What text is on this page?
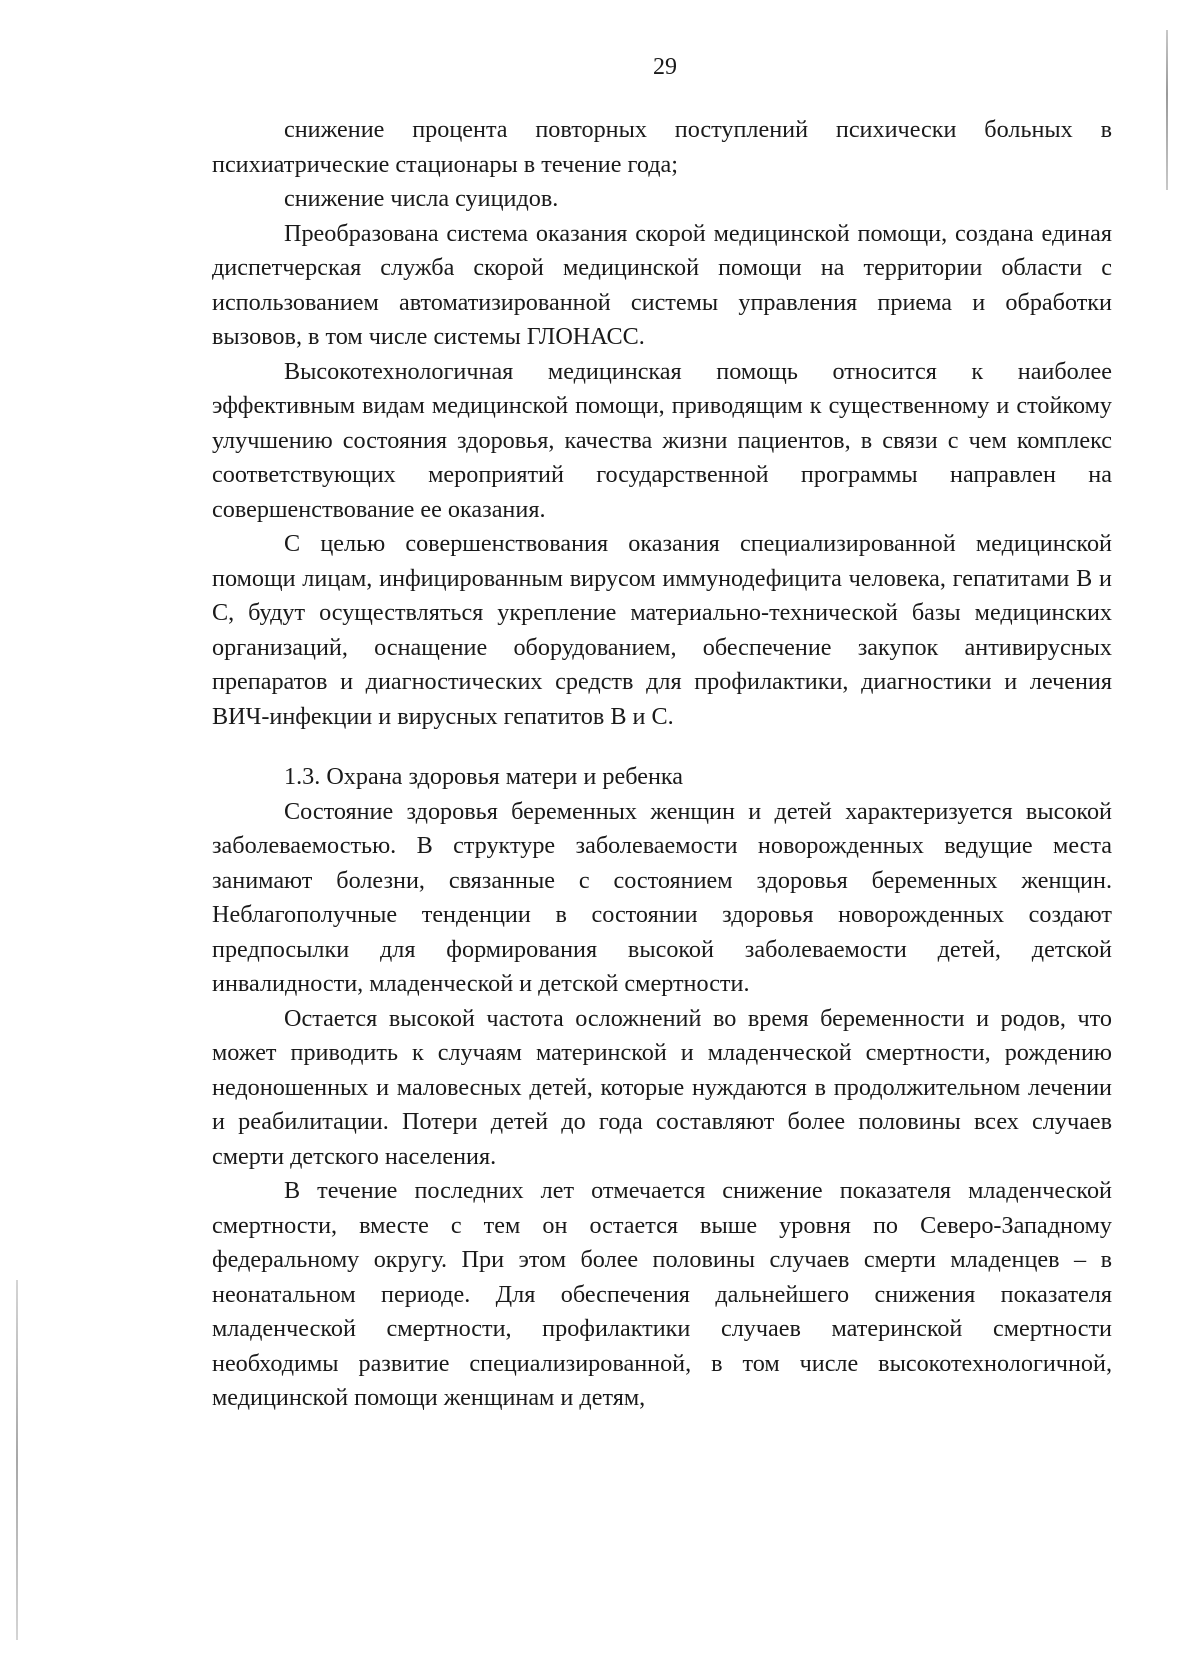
29

снижение процента повторных поступлений психически больных в психиатрические стационары в течение года;

снижение числа суицидов.

Преобразована система оказания скорой медицинской помощи, создана единая диспетчерская служба скорой медицинской помощи на территории области с использованием автоматизированной системы управления приема и обработки вызовов, в том числе системы ГЛОНАСС.

Высокотехнологичная медицинская помощь относится к наиболее эффективным видам медицинской помощи, приводящим к существенному и стойкому улучшению состояния здоровья, качества жизни пациентов, в связи с чем комплекс соответствующих мероприятий государственной программы направлен на совершенствование ее оказания.

С целью совершенствования оказания специализированной медицинской помощи лицам, инфицированным вирусом иммунодефицита человека, гепатитами В и С, будут осуществляться укрепление материально-технической базы медицинских организаций, оснащение оборудованием, обеспечение закупок антивирусных препаратов и диагностических средств для профилактики, диагностики и лечения ВИЧ-инфекции и вирусных гепатитов В и С.

1.3. Охрана здоровья матери и ребенка

Состояние здоровья беременных женщин и детей характеризуется высокой заболеваемостью. В структуре заболеваемости новорожденных ведущие места занимают болезни, связанные с состоянием здоровья беременных женщин. Неблагополучные тенденции в состоянии здоровья новорожденных создают предпосылки для формирования высокой заболеваемости детей, детской инвалидности, младенческой и детской смертности.

Остается высокой частота осложнений во время беременности и родов, что может приводить к случаям материнской и младенческой смертности, рождению недоношенных и маловесных детей, которые нуждаются в продолжительном лечении и реабилитации. Потери детей до года составляют более половины всех случаев смерти детского населения.

В течение последних лет отмечается снижение показателя младенческой смертности, вместе с тем он остается выше уровня по Северо-Западному федеральному округу. При этом более половины случаев смерти младенцев – в неонатальном периоде. Для обеспечения дальнейшего снижения показателя младенческой смертности, профилактики случаев материнской смертности необходимы развитие специализированной, в том числе высокотехнологичной, медицинской помощи женщинам и детям,
